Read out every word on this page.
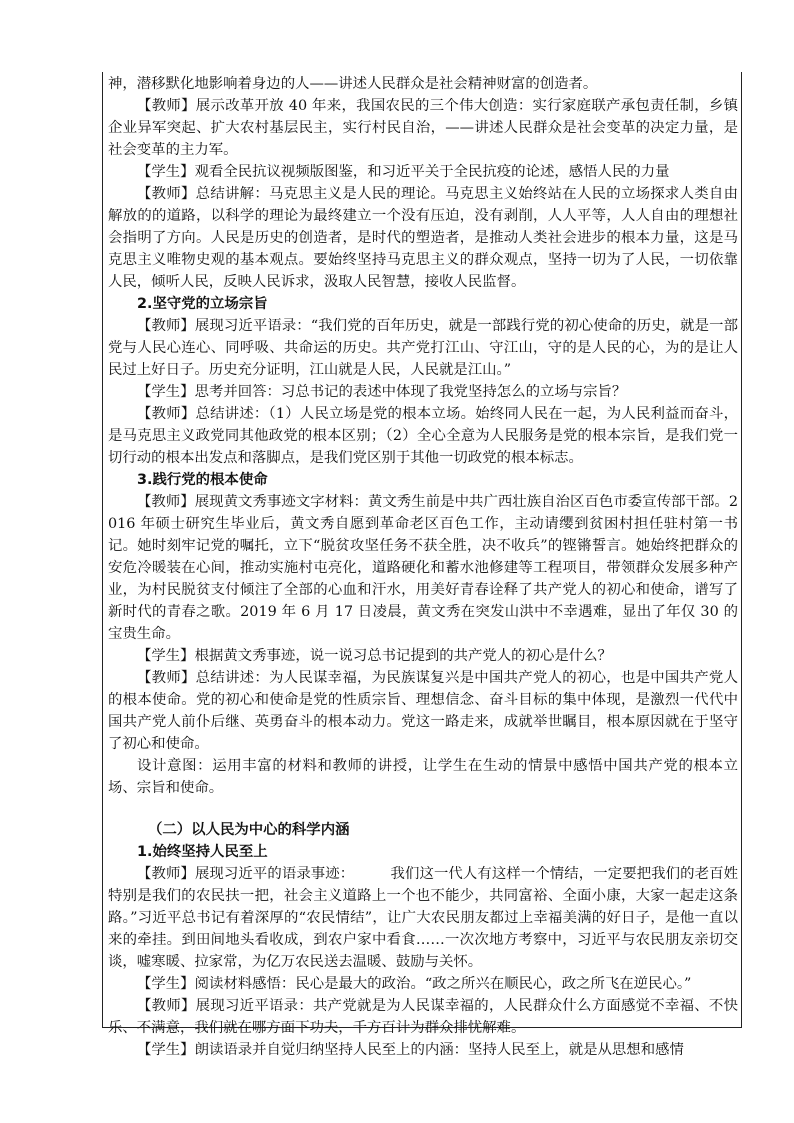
神，潜移默化地影响着身边的人——讲述人民群众是社会精神财富的创造者。

【教师】展示改革开放 40 年来，我国农民的三个伟大创造：实行家庭联产承包责任制，乡镇企业异军突起、扩大农村基层民主，实行村民自治，——讲述人民群众是社会变革的决定力量，是社会变革的主力军。

【学生】观看全民抗议视频版图鉴，和习近平关于全民抗疫的论述，感悟人民的力量

【教师】总结讲解：马克思主义是人民的理论。马克思主义始终站在人民的立场探求人类自由解放的的道路，以科学的理论为最终建立一个没有压迫，没有剥削，人人平等，人人自由的理想社会指明了方向。人民是历史的创造者，是时代的塑造者，是推动人类社会进步的根本力量，这是马克思主义唯物史观的基本观点。要始终坚持马克思主义的群众观点，坚持一切为了人民，一切依靠人民，倾听人民，反映人民诉求，汲取人民智慧，接收人民监督。

2.坚守党的立场宗旨

【教师】展现习近平语录：“我们党的百年历史，就是一部践行党的初心使命的历史，就是一部党与人民心连心、同呼吸、共命运的历史。共产党打江山、守江山，守的是人民的心，为的是让人民过上好日子。历史充分证明，江山就是人民，人民就是江山。”

【学生】思考并回答：习总书记的表述中体现了我党坚持怎么的立场与宗旨？

【教师】总结讲述：（1）人民立场是党的根本立场。始终同人民在一起，为人民利益而奋斗，是马克思主义政党同其他政党的根本区别；（2）全心全意为人民服务是党的根本宗旨，是我们党一切行动的根本出发点和落脚点，是我们党区别于其他一切政党的根本标志。

3.践行党的根本使命

【教师】展现黄文秀事迹文字材料：黄文秀生前是中共广西壮族自治区百色市委宣传部干部。2016 年硕士研究生毕业后，黄文秀自愿到革命老区百色工作，主动请缨到贫困村担任驻村第一书记。她时刻牢记党的嘱托，立下“脱贫攻坚任务不获全胜，决不收兵”的铿锵誓言。她始终把群众的安危冷暖装在心间，推动实施村屯亮化，道路硬化和蓄水池修建等工程项目，带领群众发展多种产业，为村民脱贫支付倾注了全部的心血和汗水，用美好青春诠释了共产党人的初心和使命，谱写了新时代的青春之歌。2019 年 6 月 17 日凌晨，黄文秀在突发山洪中不幸遇难，显出了年仅 30 的宝贵生命。

【学生】根据黄文秀事迹，说一说习总书记提到的共产党人的初心是什么？

【教师】总结讲述：为人民谋幸福，为民族谋复兴是中国共产党人的初心，也是中国共产党人的根本使命。党的初心和使命是党的性质宗旨、理想信念、奋斗目标的集中体现，是激烈一代代中国共产党人前仆后继、英勇奋斗的根本动力。党这一路走来，成就举世瞩目，根本原因就在于坚守了初心和使命。

设计意图：运用丰富的材料和教师的讲授，让学生在生动的情景中感悟中国共产党的根本立场、宗旨和使命。

（二）以人民为中心的科学内涵

1.始终坚持人民至上

【教师】展现习近平的语录事迹：　　　我们这一代人有这样一个情结，一定要把我们的老百姓特别是我们的农民扶一把，社会主义道路上一个也不能少，共同富裕、全面小康，大家一起走这条路。”习近平总书记有着深厚的“农民情结”，让广大农民朋友都过上幸福美满的好日子，是他一直以来的牵挂。到田间地头看收成，到农户家中看食……一次次地方考察中，习近平与农民朋友亲切交谈，嘘寒暖、拉家常，为亿万农民送去温暖、鼓励与关怀。

【学生】阅读材料感悟：民心是最大的政治。“政之所兴在顺民心，政之所飞在逆民心。”

【教师】展现习近平语录：共产党就是为人民谋幸福的，人民群众什么方面感觉不幸福、不快乐、不满意，我们就在哪方面下功夫，千方百计为群众排忧解难。

【学生】朗读语录并自觉归纳坚持人民至上的内涵：坚持人民至上，就是从思想和感情
